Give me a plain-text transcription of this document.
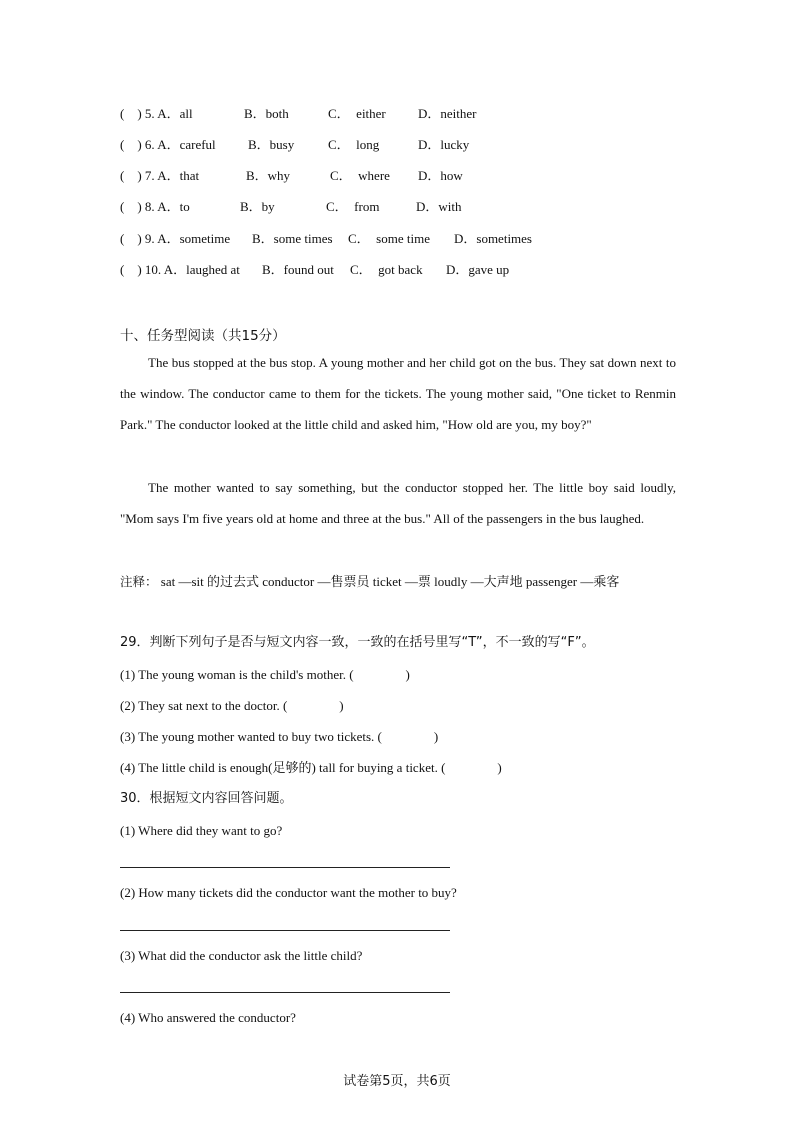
(　) 5. A．all	B．both	C．　either D．neither
(　) 6. A．careful B．busy	C．　long	D．lucky
(　) 7. A．that	B．why	C．　where D．how
(　) 8. A．to	B．by	C．　from	D．with
(　) 9. A．sometime B．some times C．　some time D．sometimes
(　) 10. A．laughed at B．found out C．　got back D．gave up
十、任务型阅读（共15分）
The bus stopped at the bus stop. A young mother and her child got on the bus. They sat down next to the window. The conductor came to them for the tickets. The young mother said, "One ticket to Renmin Park." The conductor looked at the little child and asked him, "How old are you, my boy?"
The mother wanted to say something, but the conductor stopped her. The little boy said loudly, "Mom says I'm five years old at home and three at the bus." All of the passengers in the bus laughed.
注释： sat —sit 的过去式 conductor —售票员 ticket —票 loudly —大声地 passenger —乘客
29．判断下列句子是否与短文内容一致，一致的在括号里写“T”，不一致的写“F”。
(1) The young woman is the child's mother. (　　　　)
(2) They sat next to the doctor. (　　　　)
(3) The young mother wanted to buy two tickets. (　　　　)
(4) The little child is enough(足够的) tall for buying a ticket. (　　　　)
30．根据短文内容回答问题。
(1) Where did they want to go?
(2) How many tickets did the conductor want the mother to buy?
(3) What did the conductor ask the little child?
(4) Who answered the conductor?
试卷第5页，共6页
